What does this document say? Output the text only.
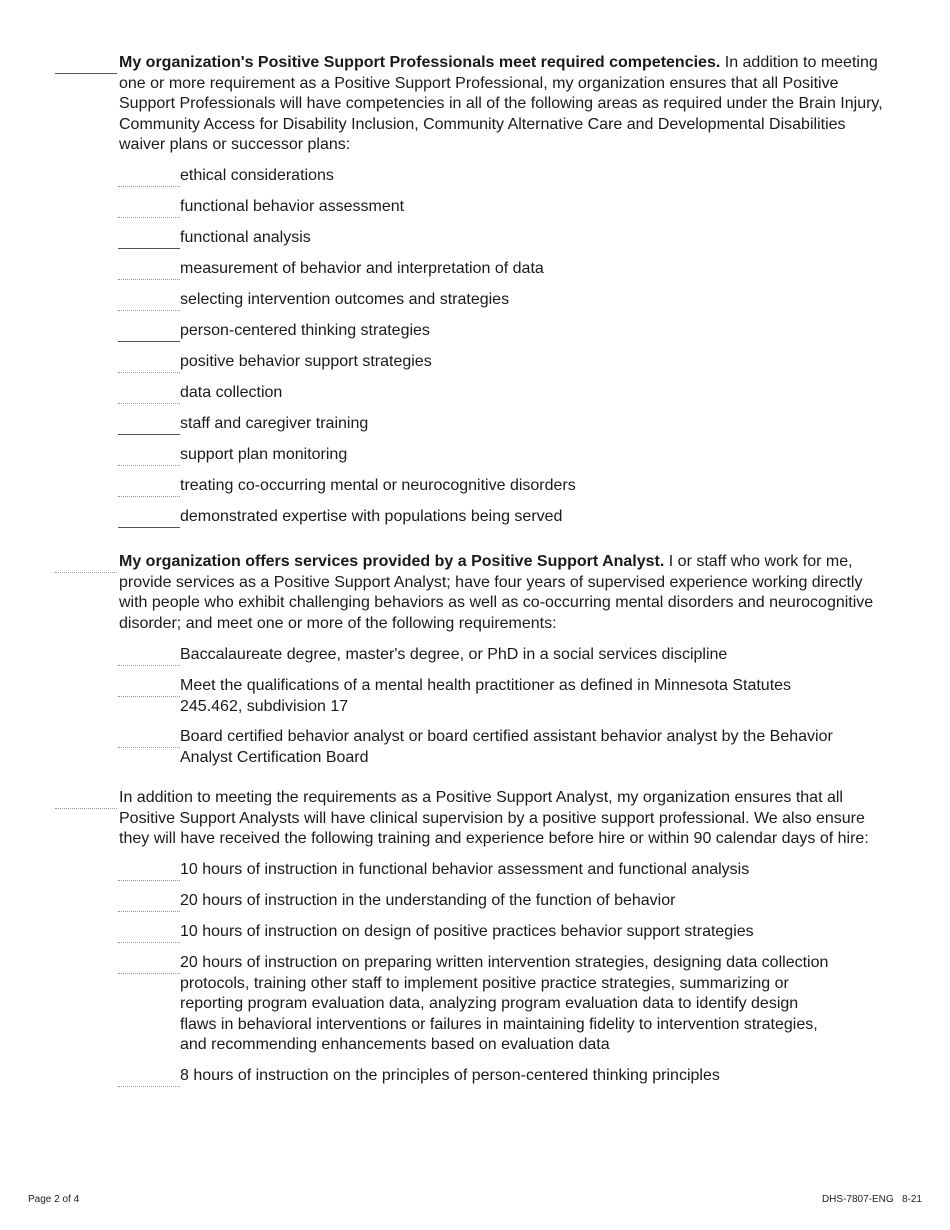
My organization's Positive Support Professionals meet required competencies. In addition to meeting one or more requirement as a Positive Support Professional, my organization ensures that all Positive Support Professionals will have competencies in all of the following areas as required under the Brain Injury, Community Access for Disability Inclusion, Community Alternative Care and Developmental Disabilities waiver plans or successor plans:
ethical considerations
functional behavior assessment
functional analysis
measurement of behavior and interpretation of data
selecting intervention outcomes and strategies
person-centered thinking strategies
positive behavior support strategies
data collection
staff and caregiver training
support plan monitoring
treating co-occurring mental or neurocognitive disorders
demonstrated expertise with populations being served
My organization offers services provided by a Positive Support Analyst. I or staff who work for me, provide services as a Positive Support Analyst; have four years of supervised experience working directly with people who exhibit challenging behaviors as well as co-occurring mental disorders and neurocognitive disorder; and meet one or more of the following requirements:
Baccalaureate degree, master's degree, or PhD in a social services discipline
Meet the qualifications of a mental health practitioner as defined in Minnesota Statutes 245.462, subdivision 17
Board certified behavior analyst or board certified assistant behavior analyst by the Behavior Analyst Certification Board
In addition to meeting the requirements as a Positive Support Analyst, my organization ensures that all Positive Support Analysts will have clinical supervision by a positive support professional. We also ensure they will have received the following training and experience before hire or within 90 calendar days of hire:
10 hours of instruction in functional behavior assessment and functional analysis
20 hours of instruction in the understanding of the function of behavior
10 hours of instruction on design of positive practices behavior support strategies
20 hours of instruction on preparing written intervention strategies, designing data collection protocols, training other staff to implement positive practice strategies, summarizing or reporting program evaluation data, analyzing program evaluation data to identify design flaws in behavioral interventions or failures in maintaining fidelity to intervention strategies, and recommending enhancements based on evaluation data
8 hours of instruction on the principles of person-centered thinking principles
Page 2 of 4	DHS-7807-ENG   8-21
